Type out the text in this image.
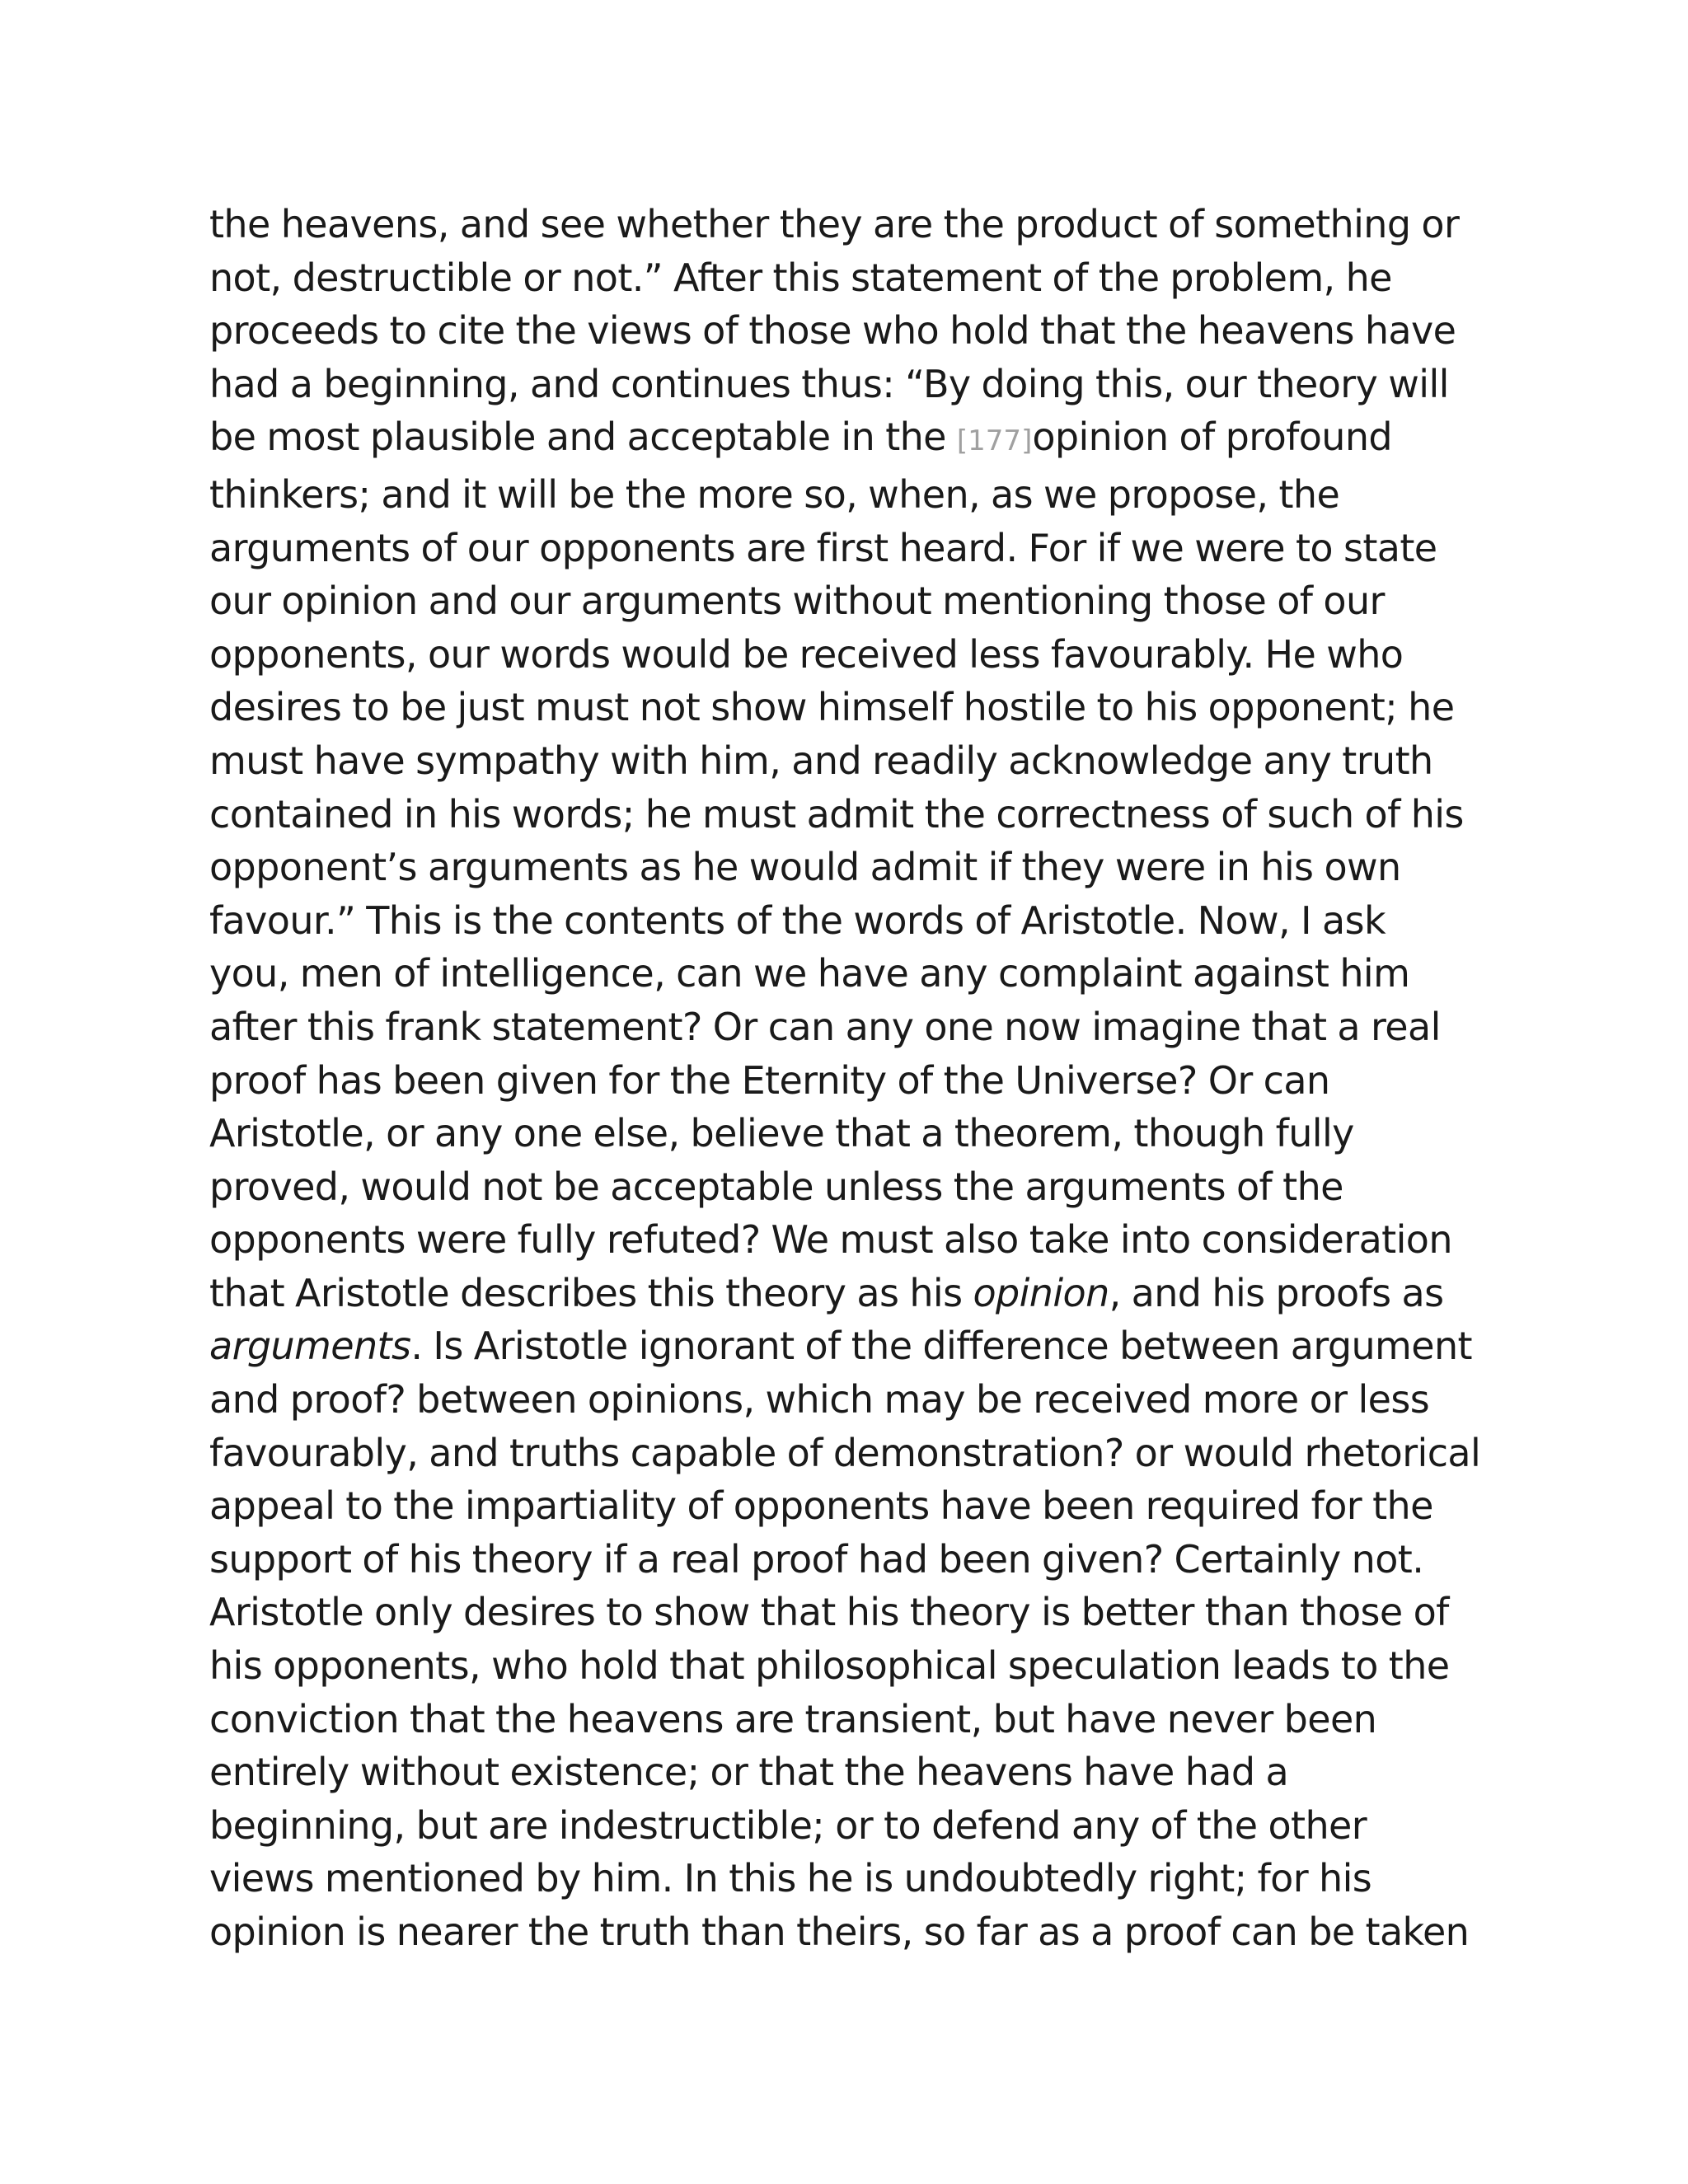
the heavens, and see whether they are the product of something or
not, destructible or not.” After this statement of the problem, he
proceeds to cite the views of those who hold that the heavens have
had a beginning, and continues thus: “By doing this, our theory will
be most plausible and acceptable in the [177]opinion of profound
thinkers; and it will be the more so, when, as we propose, the
arguments of our opponents are first heard. For if we were to state
our opinion and our arguments without mentioning those of our
opponents, our words would be received less favourably. He who
desires to be just must not show himself hostile to his opponent; he
must have sympathy with him, and readily acknowledge any truth
contained in his words; he must admit the correctness of such of his
opponent’s arguments as he would admit if they were in his own
favour.” This is the contents of the words of Aristotle. Now, I ask
you, men of intelligence, can we have any complaint against him
after this frank statement? Or can any one now imagine that a real
proof has been given for the Eternity of the Universe? Or can
Aristotle, or any one else, believe that a theorem, though fully
proved, would not be acceptable unless the arguments of the
opponents were fully refuted? We must also take into consideration
that Aristotle describes this theory as his opinion, and his proofs as
arguments. Is Aristotle ignorant of the difference between argument
and proof? between opinions, which may be received more or less
favourably, and truths capable of demonstration? or would rhetorical
appeal to the impartiality of opponents have been required for the
support of his theory if a real proof had been given? Certainly not.
Aristotle only desires to show that his theory is better than those of
his opponents, who hold that philosophical speculation leads to the
conviction that the heavens are transient, but have never been
entirely without existence; or that the heavens have had a
beginning, but are indestructible; or to defend any of the other
views mentioned by him. In this he is undoubtedly right; for his
opinion is nearer the truth than theirs, so far as a proof can be taken
